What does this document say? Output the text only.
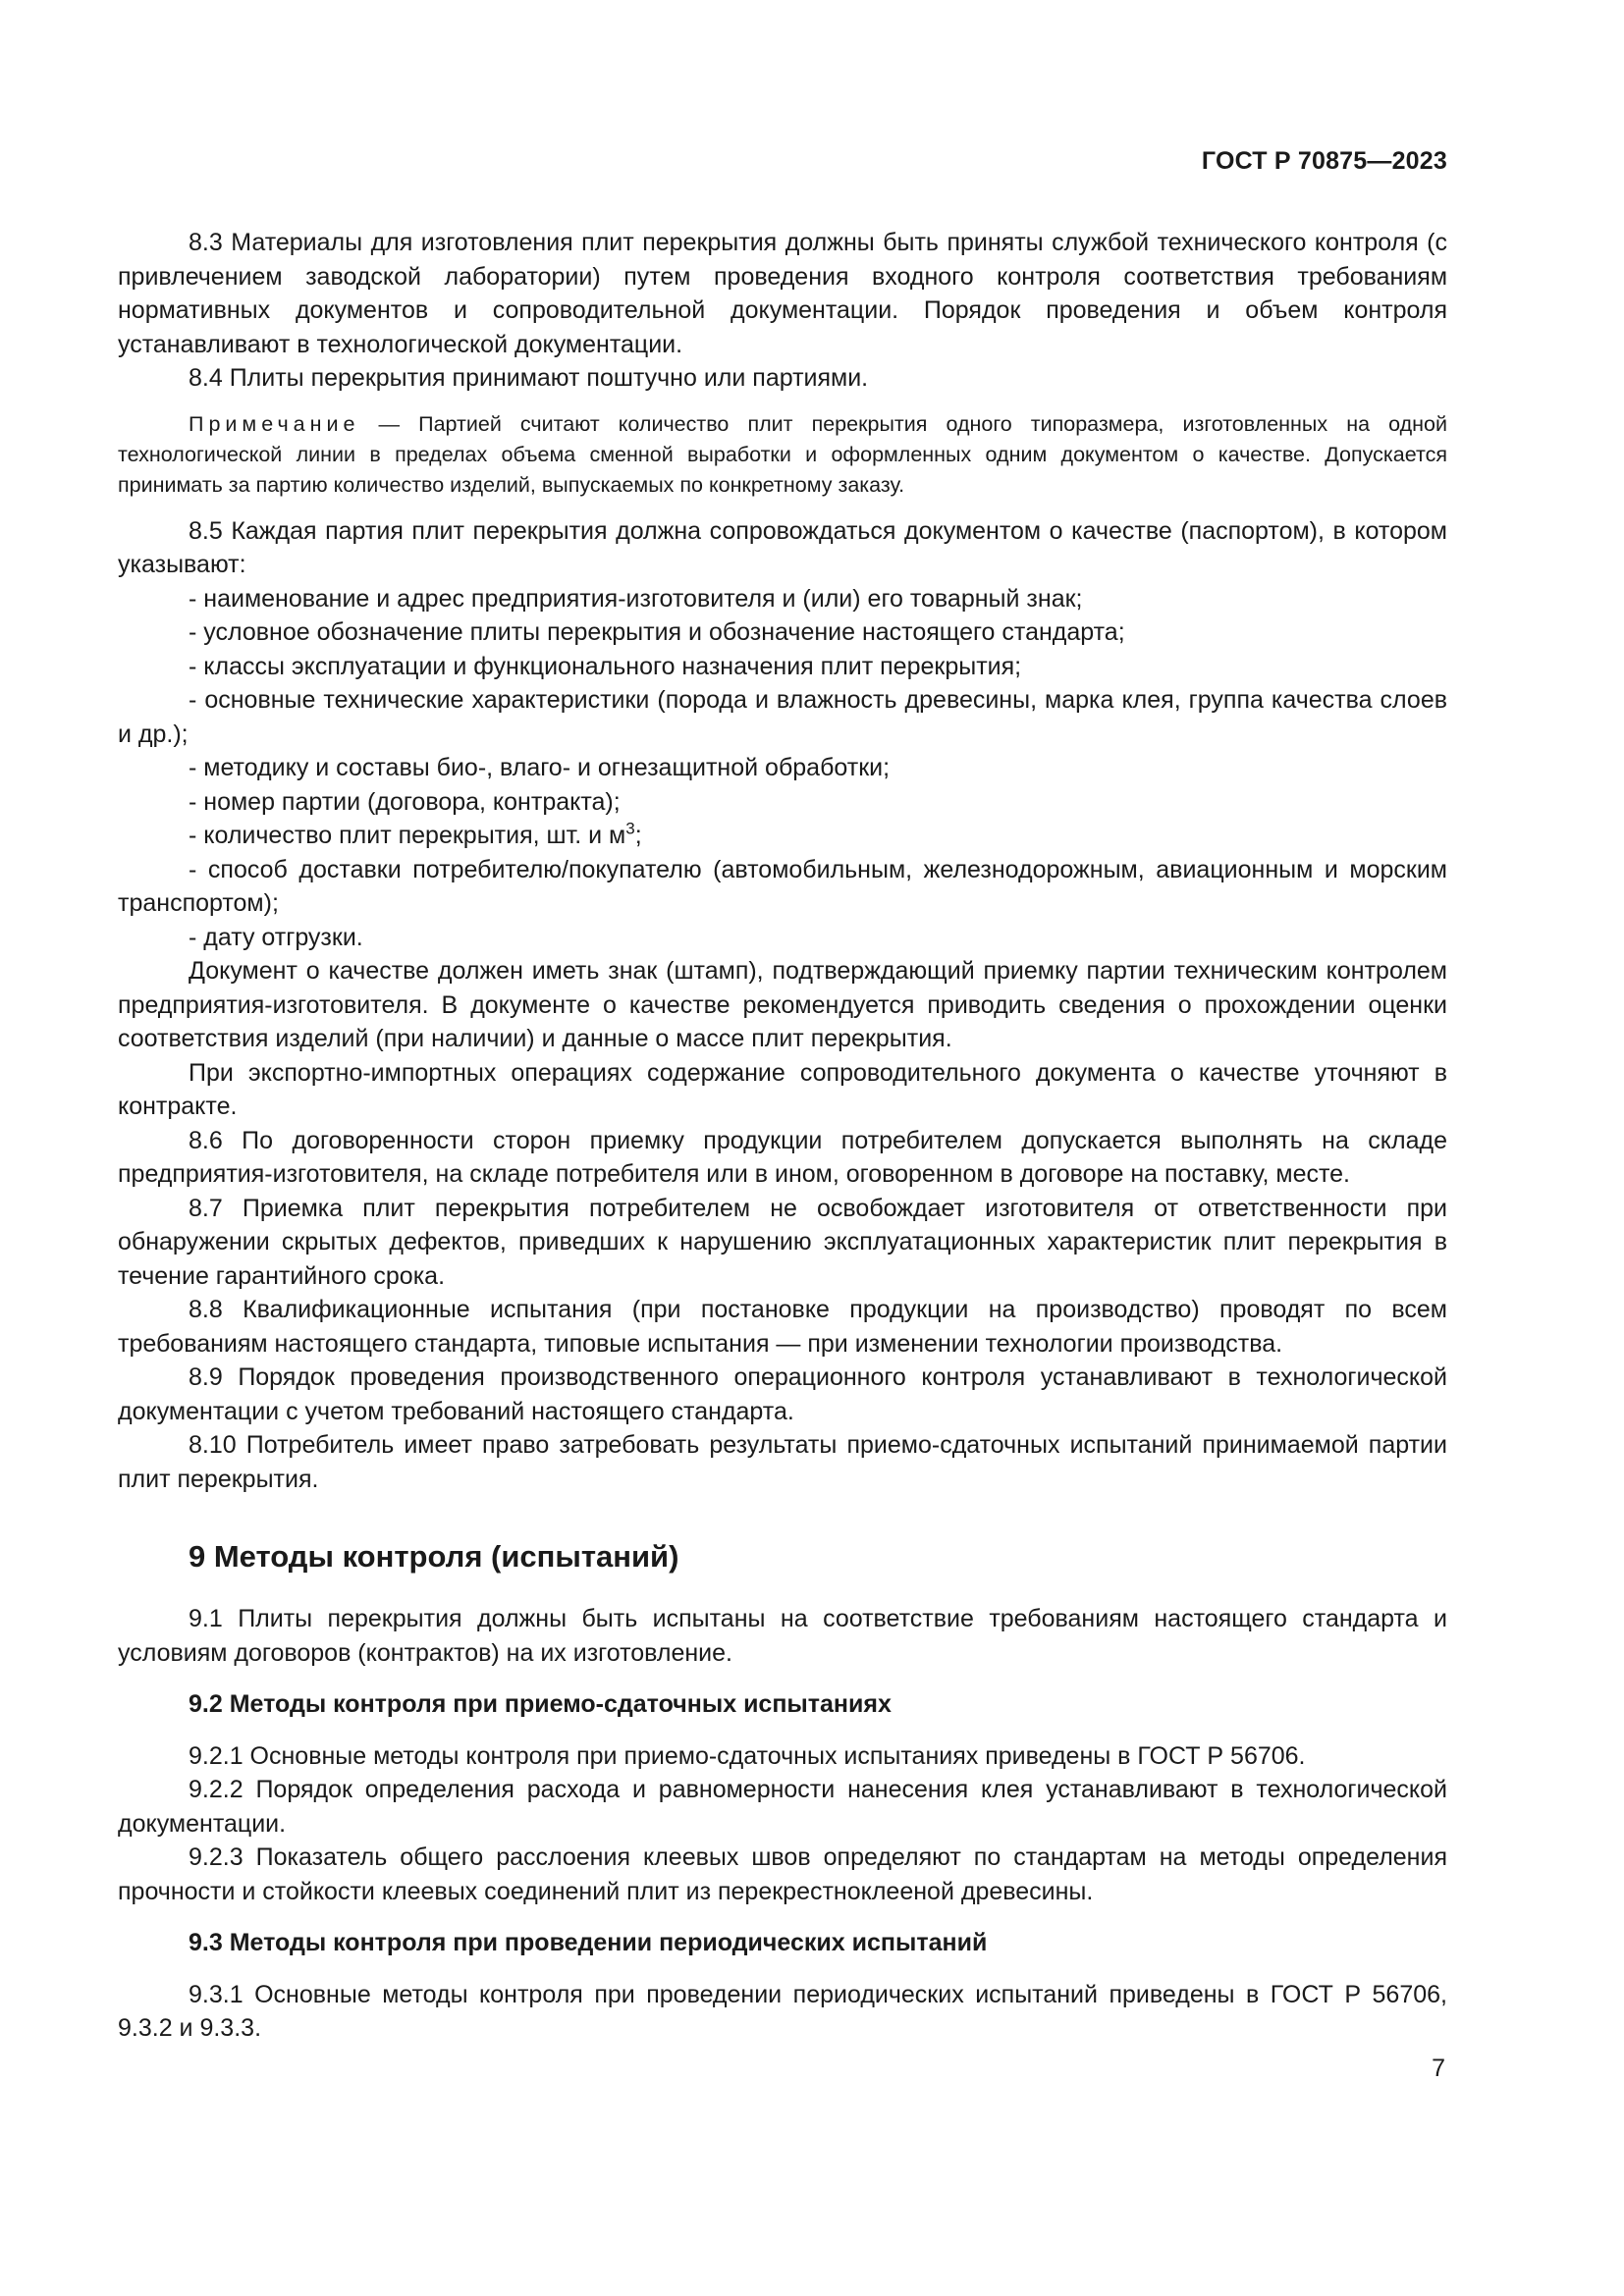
ГОСТ Р 70875—2023

8.3 Материалы для изготовления плит перекрытия должны быть приняты службой технического контроля (с привлечением заводской лаборатории) путем проведения входного контроля соответствия требованиям нормативных документов и сопроводительной документации. Порядок проведения и объем контроля устанавливают в технологической документации.

8.4 Плиты перекрытия принимают поштучно или партиями.

Примечание — Партией считают количество плит перекрытия одного типоразмера, изготовленных на одной технологической линии в пределах объема сменной выработки и оформленных одним документом о качестве. Допускается принимать за партию количество изделий, выпускаемых по конкретному заказу.

8.5 Каждая партия плит перекрытия должна сопровождаться документом о качестве (паспортом), в котором указывают:

- наименование и адрес предприятия-изготовителя и (или) его товарный знак;

- условное обозначение плиты перекрытия и обозначение настоящего стандарта;

- классы эксплуатации и функционального назначения плит перекрытия;

- основные технические характеристики (порода и влажность древесины, марка клея, группа качества слоев и др.);

- методику и составы био-, влаго- и огнезащитной обработки;

- номер партии (договора, контракта);

- количество плит перекрытия, шт. и $м^3$;

- способ доставки потребителю/покупателю (автомобильным, железнодорожным, авиационным и морским транспортом);

- дату отгрузки.

Документ о качестве должен иметь знак (штамп), подтверждающий приемку партии техническим контролем предприятия-изготовителя. В документе о качестве рекомендуется приводить сведения о прохождении оценки соответствия изделий (при наличии) и данные о массе плит перекрытия.

При экспортно-импортных операциях содержание сопроводительного документа о качестве уточняют в контракте.

8.6 По договоренности сторон приемку продукции потребителем допускается выполнять на складе предприятия-изготовителя, на складе потребителя или в ином, оговоренном в договоре на поставку, месте.

8.7 Приемка плит перекрытия потребителем не освобождает изготовителя от ответственности при обнаружении скрытых дефектов, приведших к нарушению эксплуатационных характеристик плит перекрытия в течение гарантийного срока.

8.8 Квалификационные испытания (при постановке продукции на производство) проводят по всем требованиям настоящего стандарта, типовые испытания — при изменении технологии производства.

8.9 Порядок проведения производственного операционного контроля устанавливают в технологической документации с учетом требований настоящего стандарта.

8.10 Потребитель имеет право затребовать результаты приемо-сдаточных испытаний принимаемой партии плит перекрытия.

9 Методы контроля (испытаний)

9.1 Плиты перекрытия должны быть испытаны на соответствие требованиям настоящего стандарта и условиям договоров (контрактов) на их изготовление.

9.2 Методы контроля при приемо-сдаточных испытаниях

9.2.1 Основные методы контроля при приемо-сдаточных испытаниях приведены в ГОСТ Р 56706.

9.2.2 Порядок определения расхода и равномерности нанесения клея устанавливают в технологической документации.

9.2.3 Показатель общего расслоения клеевых швов определяют по стандартам на методы определения прочности и стойкости клеевых соединений плит из перекрестноклееной древесины.

9.3 Методы контроля при проведении периодических испытаний

9.3.1 Основные методы контроля при проведении периодических испытаний приведены в ГОСТ Р 56706, 9.3.2 и 9.3.3.

7
